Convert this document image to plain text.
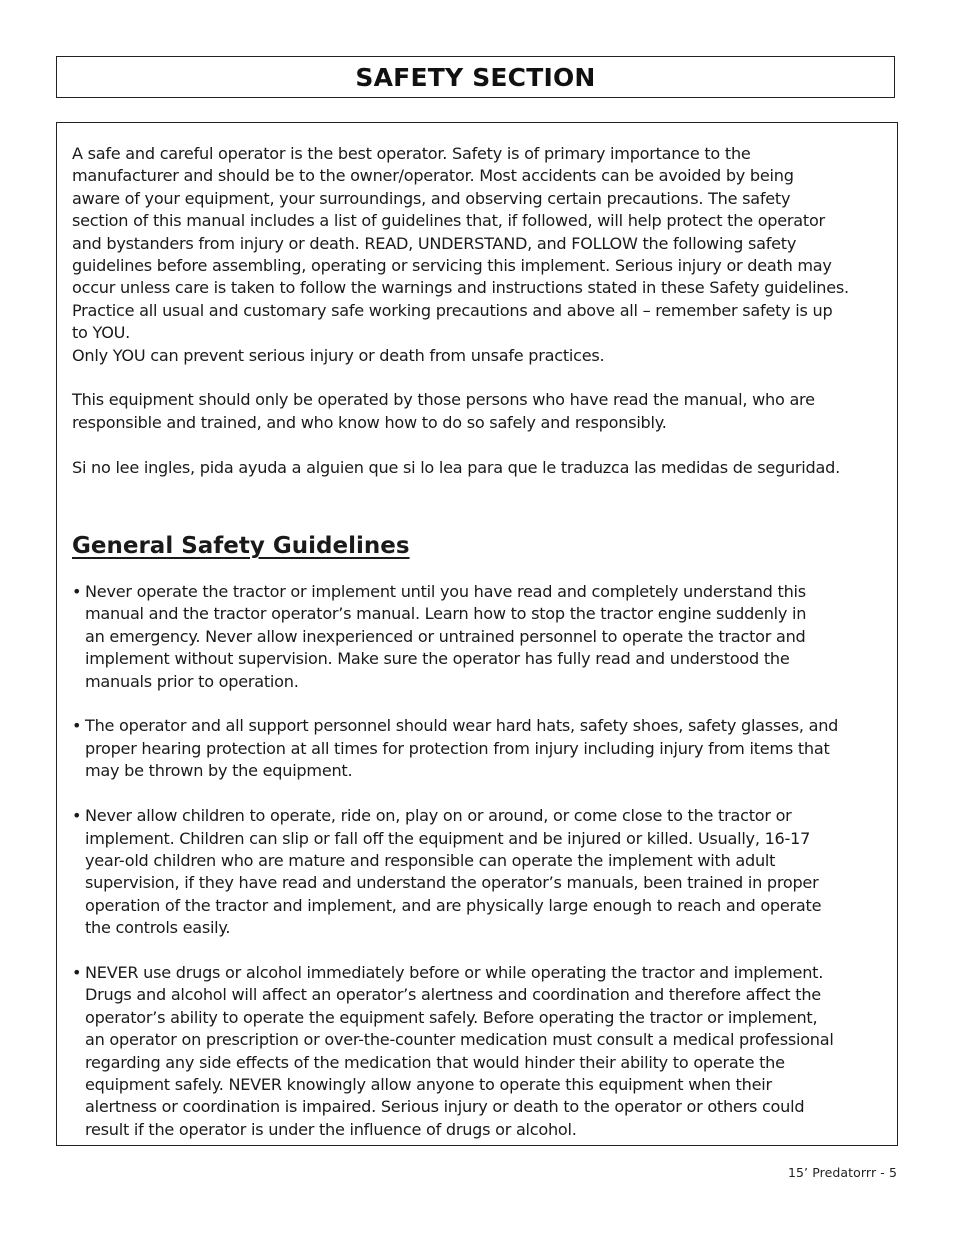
SAFETY SECTION

A safe and careful operator is the best operator. Safety is of primary importance to the
manufacturer and should be to the owner/operator. Most accidents can be avoided by being
aware of your equipment, your surroundings, and observing certain precautions. The safety
section of this manual includes a list of guidelines that, if followed, will help protect the operator
and bystanders from injury or death. READ, UNDERSTAND, and FOLLOW the following safety
guidelines before assembling, operating or servicing this implement. Serious injury or death may
occur unless care is taken to follow the warnings and instructions stated in these Safety guidelines.
Practice all usual and customary safe working precautions and above all – remember safety is up
to YOU.
Only YOU can prevent serious injury or death from unsafe practices.

This equipment should only be operated by those persons who have read the manual, who are
responsible and trained, and who know how to do so safely and responsibly.

Si no lee ingles, pida ayuda a alguien que si lo lea para que le traduzca las medidas de seguridad.

General Safety Guidelines
• Never operate the tractor or implement until you have read and completely understand this
manual and the tractor operator’s manual. Learn how to stop the tractor engine suddenly in
an emergency. Never allow inexperienced or untrained personnel to operate the tractor and
implement without supervision. Make sure the operator has fully read and understood the
manuals prior to operation.
• The operator and all support personnel should wear hard hats, safety shoes, safety glasses, and
proper hearing protection at all times for protection from injury including injury from items that
may be thrown by the equipment.
• Never allow children to operate, ride on, play on or around, or come close to the tractor or
implement. Children can slip or fall off the equipment and be injured or killed. Usually, 16-17
year-old children who are mature and responsible can operate the implement with adult
supervision, if they have read and understand the operator’s manuals, been trained in proper
operation of the tractor and implement, and are physically large enough to reach and operate
the controls easily.
• NEVER use drugs or alcohol immediately before or while operating the tractor and implement.
Drugs and alcohol will affect an operator’s alertness and coordination and therefore affect the
operator’s ability to operate the equipment safely. Before operating the tractor or implement,
an operator on prescription or over-the-counter medication must consult a medical professional
regarding any side effects of the medication that would hinder their ability to operate the
equipment safely. NEVER knowingly allow anyone to operate this equipment when their
alertness or coordination is impaired. Serious injury or death to the operator or others could
result if the operator is under the influence of drugs or alcohol.
15’ Predatorrr - 5
